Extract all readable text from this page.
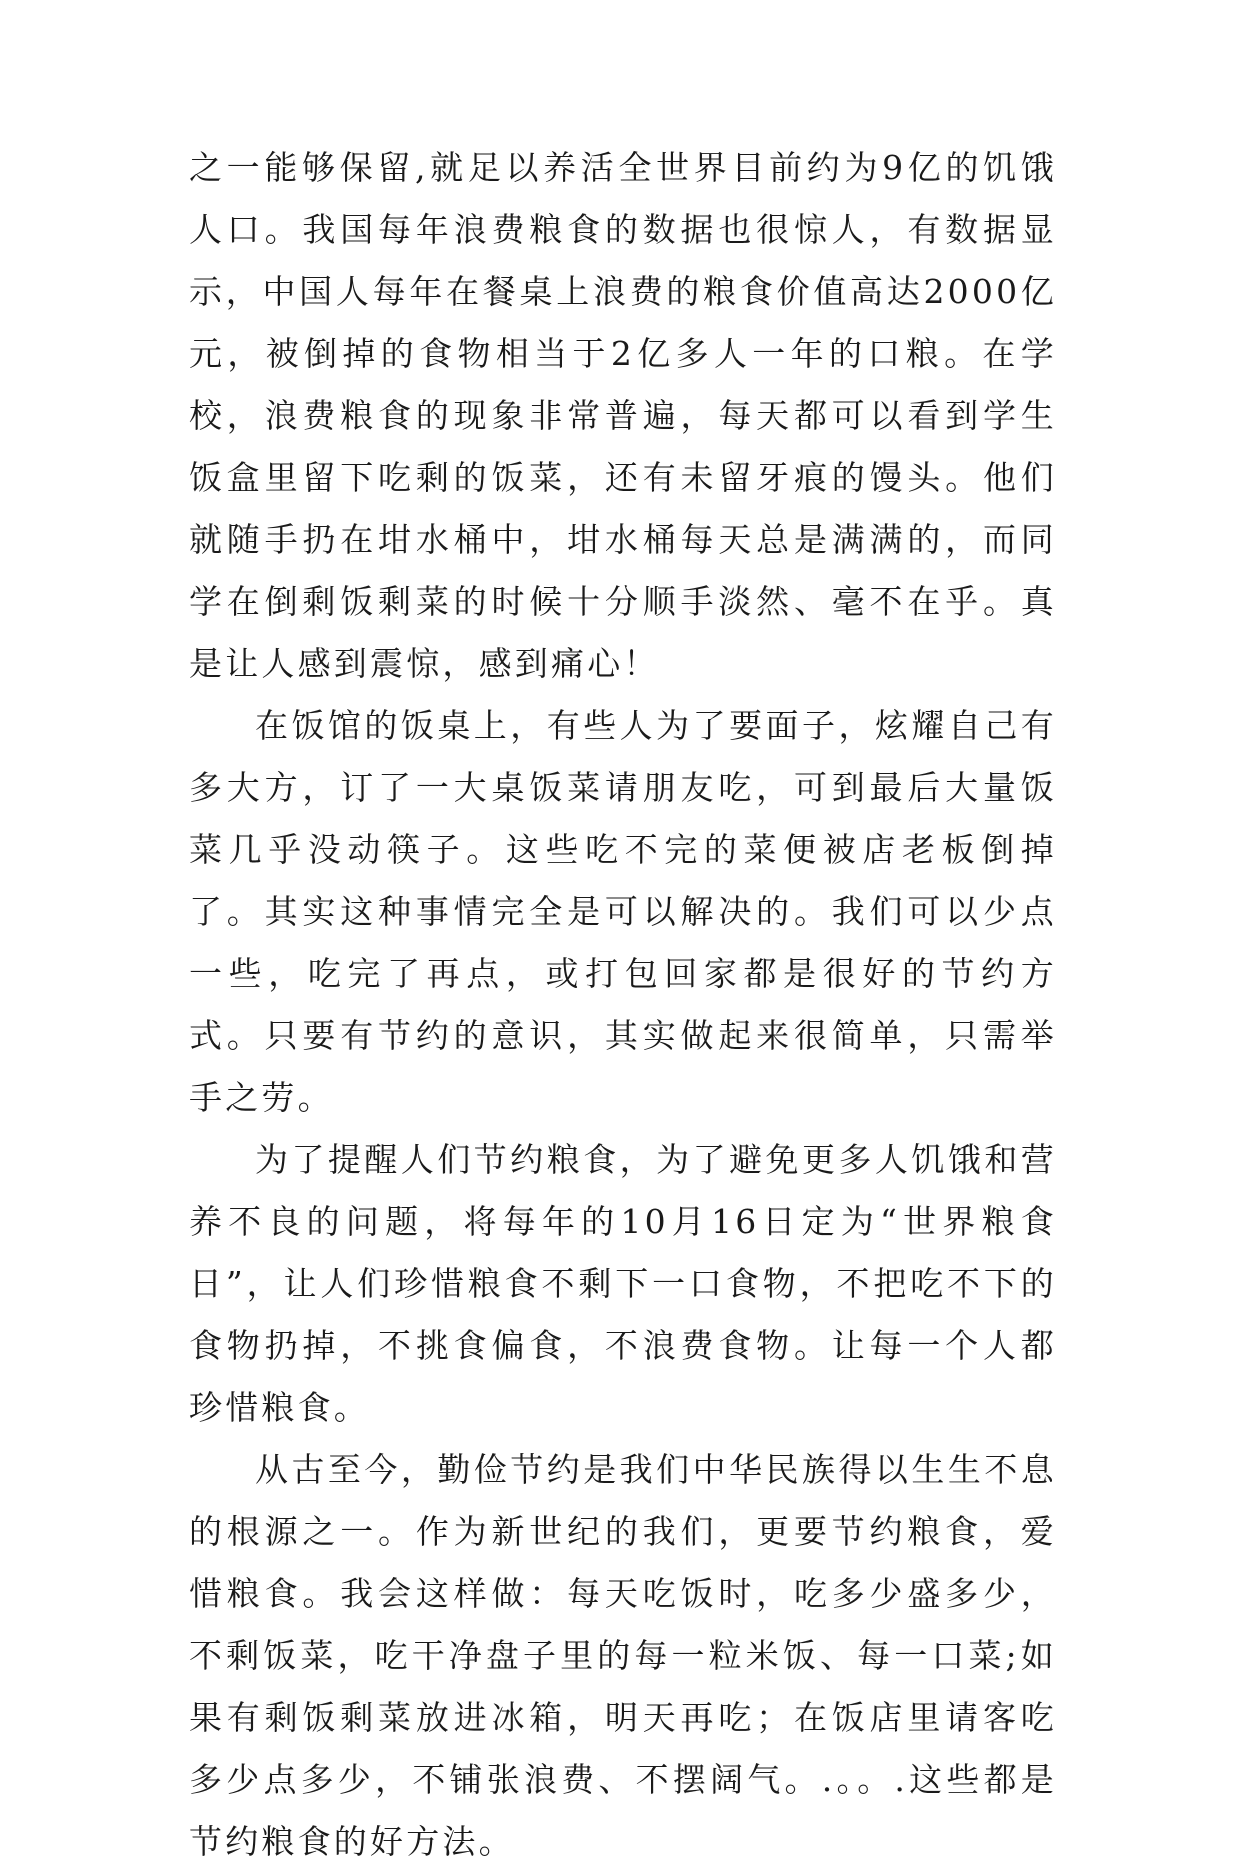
之一能够保留,就足以养活全世界目前约为9亿的饥饿人口。我国每年浪费粮食的数据也很惊人，有数据显示，中国人每年在餐桌上浪费的粮食价值高达2000亿元，被倒掉的食物相当于2亿多人一年的口粮。在学校，浪费粮食的现象非常普遍，每天都可以看到学生饭盒里留下吃剩的饭菜，还有未留牙痕的馒头。他们就随手扔在坩水桶中，坩水桶每天总是满满的，而同学在倒剩饭剩菜的时候十分顺手淡然、毫不在乎。真是让人感到震惊，感到痛心！

在饭馆的饭桌上，有些人为了要面子，炫耀自己有多大方，订了一大桌饭菜请朋友吃，可到最后大量饭菜几乎没动筷子。这些吃不完的菜便被店老板倒掉了。其实这种事情完全是可以解决的。我们可以少点一些，吃完了再点，或打包回家都是很好的节约方式。只要有节约的意识，其实做起来很简单，只需举手之劳。

为了提醒人们节约粮食，为了避免更多人饥饿和营养不良的问题，将每年的10月16日定为“世界粮食日”，让人们珍惜粮食不剩下一口食物，不把吃不下的食物扔掉，不挑食偏食，不浪费食物。让每一个人都珍惜粮食。

从古至今，勤俭节约是我们中华民族得以生生不息的根源之一。作为新世纪的我们，更要节约粮食，爱惜粮食。我会这样做：每天吃饭时，吃多少盛多少，不剩饭菜，吃干净盘子里的每一粒米饭、每一口菜;如果有剩饭剩菜放进冰箱，明天再吃；在饭店里请客吃多少点多少，不铺张浪费、不摆阔气。.。。.这些都是节约粮食的好方法。
